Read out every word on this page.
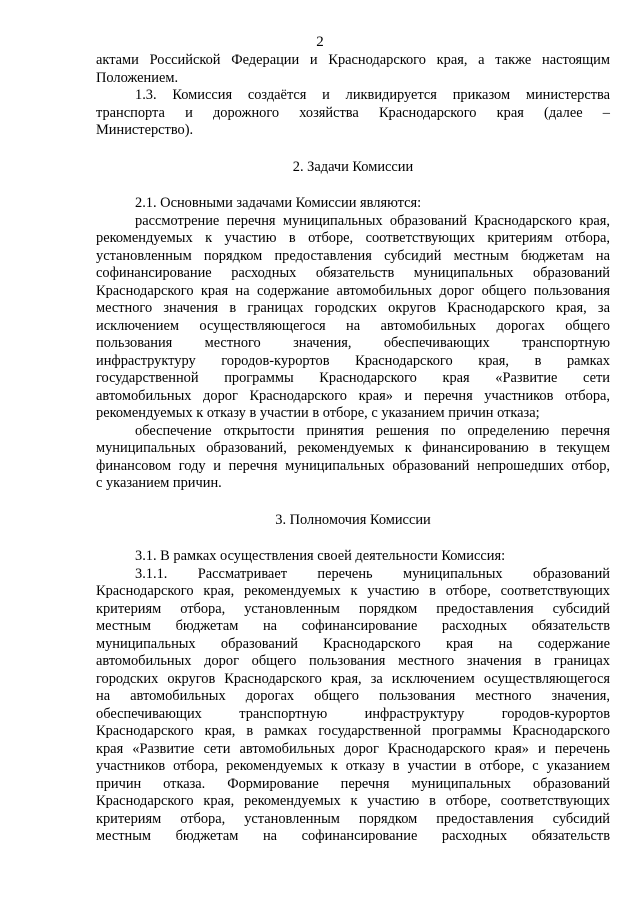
2
актами Российской Федерации и Краснодарского края, а также настоящим
Положением.
1.3. Комиссия создаётся и ликвидируется приказом министерства
транспорта и дорожного хозяйства Краснодарского края (далее –
Министерство).
2. Задачи Комиссии
2.1. Основными задачами Комиссии являются:
рассмотрение перечня муниципальных образований Краснодарского края,
рекомендуемых к участию в отборе, соответствующих критериям отбора,
установленным порядком предоставления субсидий местным бюджетам на
софинансирование расходных обязательств муниципальных образований
Краснодарского края на содержание автомобильных дорог общего пользования
местного значения в границах городских округов Краснодарского края, за
исключением осуществляющегося на автомобильных дорогах общего
пользования местного значения, обеспечивающих транспортную
инфраструктуру городов-курортов Краснодарского края, в рамках
государственной программы Краснодарского края «Развитие сети
автомобильных дорог Краснодарского края» и перечня участников отбора,
рекомендуемых к отказу в участии в отборе, с указанием причин отказа;
обеспечение открытости принятия решения по определению перечня
муниципальных образований, рекомендуемых к финансированию в текущем
финансовом году и перечня муниципальных образований непрошедших отбор,
с указанием причин.
3. Полномочия Комиссии
3.1. В рамках осуществления своей деятельности Комиссия:
3.1.1. Рассматривает перечень муниципальных образований
Краснодарского края, рекомендуемых к участию в отборе, соответствующих
критериям отбора, установленным порядком предоставления субсидий
местным бюджетам на софинансирование расходных обязательств
муниципальных образований Краснодарского края на содержание
автомобильных дорог общего пользования местного значения в границах
городских округов Краснодарского края, за исключением осуществляющегося
на автомобильных дорогах общего пользования местного значения,
обеспечивающих транспортную инфраструктуру городов-курортов
Краснодарского края, в рамках государственной программы Краснодарского
края «Развитие сети автомобильных дорог Краснодарского края» и перечень
участников отбора, рекомендуемых к отказу в участии в отборе, с указанием
причин отказа. Формирование перечня муниципальных образований
Краснодарского края, рекомендуемых к участию в отборе, соответствующих
критериям отбора, установленным порядком предоставления субсидий
местным бюджетам на софинансирование расходных обязательств
